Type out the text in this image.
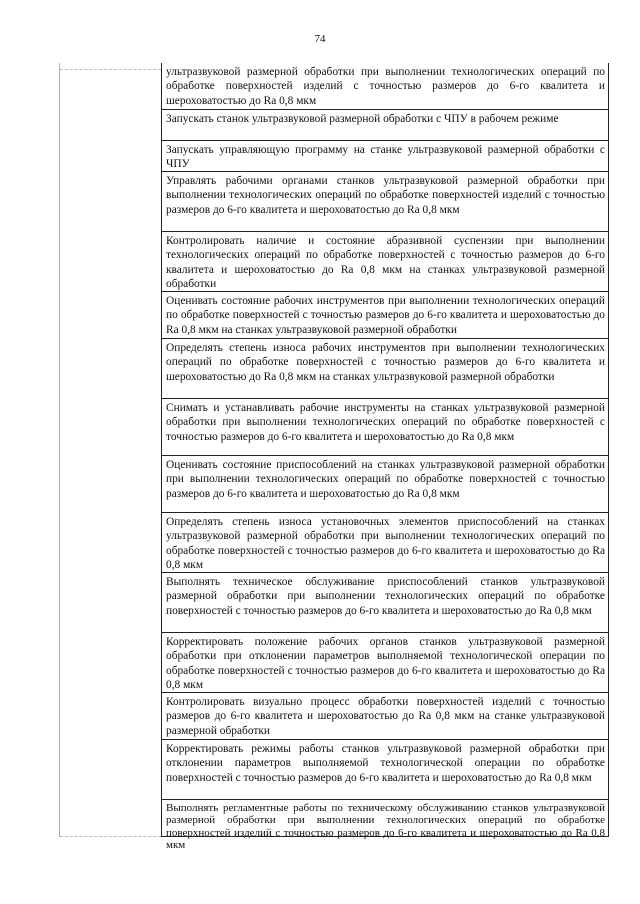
74
ультразвуковой размерной обработки при выполнении технологических операций по обработке поверхностей изделий с точностью размеров до 6-го квалитета и шероховатостью до Ra 0,8 мкм
Запускать станок ультразвуковой размерной обработки с ЧПУ в рабочем режиме
Запускать управляющую программу на станке ультразвуковой размерной обработки с ЧПУ
Управлять рабочими органами станков ультразвуковой размерной обработки при выполнении технологических операций по обработке поверхностей изделий с точностью размеров до 6-го квалитета и шероховатостью до Ra 0,8 мкм
Контролировать наличие и состояние абразивной суспензии при выполнении технологических операций по обработке поверхностей с точностью размеров до 6-го квалитета и шероховатостью до Ra 0,8 мкм на станках ультразвуковой размерной обработки
Оценивать состояние рабочих инструментов при выполнении технологических операций по обработке поверхностей с точностью размеров до 6-го квалитета и шероховатостью до Ra 0,8 мкм на станках ультразвуковой размерной обработки
Определять степень износа рабочих инструментов при выполнении технологических операций по обработке поверхностей с точностью размеров до 6-го квалитета и шероховатостью до Ra 0,8 мкм на станках ультразвуковой размерной обработки
Снимать и устанавливать рабочие инструменты на станках ультразвуковой размерной обработки при выполнении технологических операций по обработке поверхностей с точностью размеров до 6-го квалитета и шероховатостью до Ra 0,8 мкм
Оценивать состояние приспособлений на станках ультразвуковой размерной обработки при выполнении технологических операций по обработке поверхностей с точностью размеров до 6-го квалитета и шероховатостью до Ra 0,8 мкм
Определять степень износа установочных элементов приспособлений на станках ультразвуковой размерной обработки при выполнении технологических операций по обработке поверхностей с точностью размеров до 6-го квалитета и шероховатостью до Ra 0,8 мкм
Выполнять техническое обслуживание приспособлений станков ультразвуковой размерной обработки при выполнении технологических операций по обработке поверхностей с точностью размеров до 6-го квалитета и шероховатостью до Ra 0,8 мкм
Корректировать положение рабочих органов станков ультразвуковой размерной обработки при отклонении параметров выполняемой технологической операции по обработке поверхностей с точностью размеров до 6-го квалитета и шероховатостью до Ra 0,8 мкм
Контролировать визуально процесс обработки поверхностей изделий с точностью размеров до 6-го квалитета и шероховатостью до Ra 0,8 мкм на станке ультразвуковой размерной обработки
Корректировать режимы работы станков ультразвуковой размерной обработки при отклонении параметров выполняемой технологической операции по обработке поверхностей с точностью размеров до 6-го квалитета и шероховатостью до Ra 0,8 мкм
Выполнять регламентные работы по техническому обслуживанию станков ультразвуковой размерной обработки при выполнении технологических операций по обработке поверхностей изделий с точностью размеров до 6-го квалитета и шероховатостью до Ra 0,8 мкм
